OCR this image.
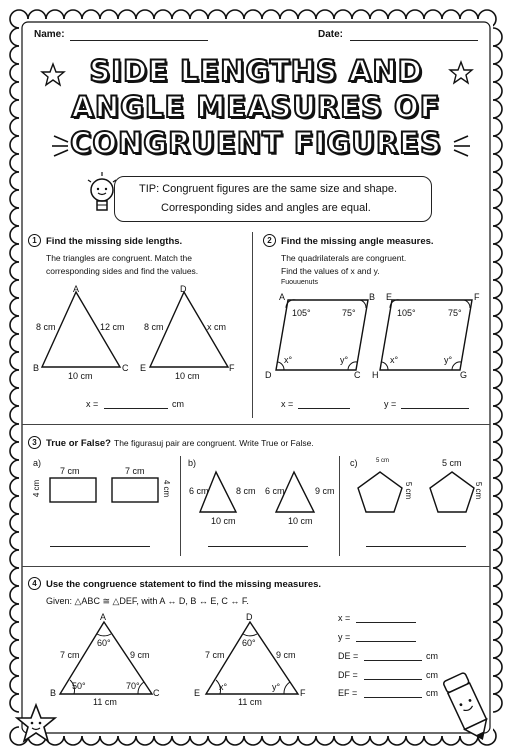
Name:	Date:
SIDE LENGTHS AND
ANGLE MEASURES OF
CONGRUENT FIGURES
TIP: Congruent figures are the same size and shape.
Corresponding sides and angles are equal.
1 Find the missing side lengths.
The triangles are congruent. Match the
corresponding sides and find the values.
A
B	C
8 cm	12 cm
10 cm
D
E	F
8 cm	x cm
10 cm
x =	cm
2 Find the missing angle measures.
The quadrilaterals are congruent.
Find the values of x and y.
Fuouuenuts
A	B
D	C
105°	75°
x°	y°
E	F
H	G
105°	75°
x°	y°
x =	y =
3 True or False? The figurasuj pair are congruent. Write True or False.
a)
7 cm
4 cm
7 cm
4 cm
b)
6 cm	8 cm
10 cm
6 cm	9 cm
10 cm
c)	5 cm
5 cm
5 cm
5 cm
4 Use the congruence statement to find the missing measures.
Given: △ABC ≅ △DEF, with A ↔ D, B ↔ E, C ↔ F.
A
B	C
7 cm	9 cm
11 cm
60°
50°	70°
D
E	F
7 cm	9 cm
11 cm
60°
x°	y°
x =
y =
DE =	cm
DF =	cm
EF =	cm
